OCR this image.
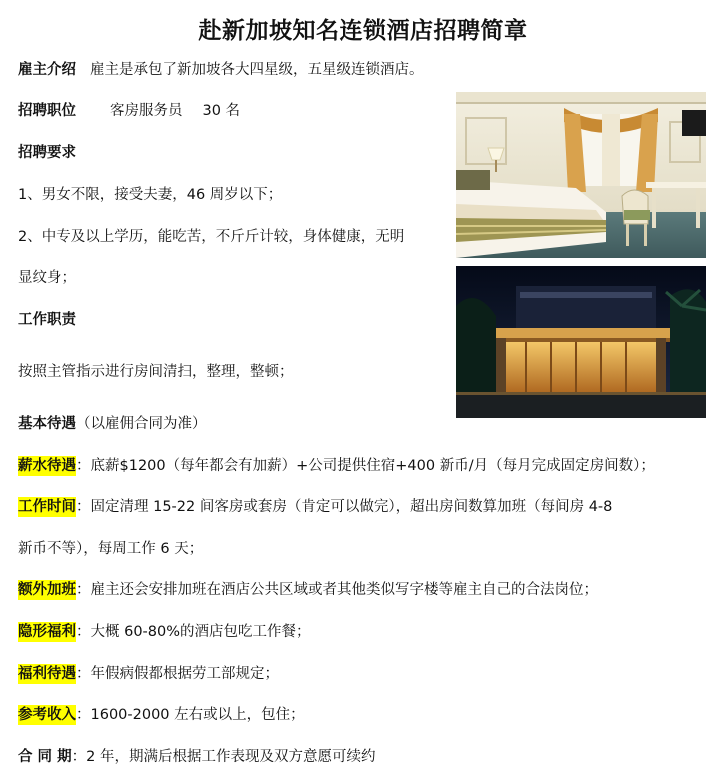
赴新加坡知名连锁酒店招聘简章
雇主介绍 雇主是承包了新加坡各大四星级，五星级连锁酒店。
招聘职位 客房服务员 30 名
招聘要求
1、男女不限，接受夫妻，46 周岁以下；
2、中专及以上学历，能吃苦，不斤斤计较，身体健康，无明
显纹身；
工作职责
按照主管指示进行房间清扫，整理，整顿；
基本待遇（以雇佣合同为准）
薪水待遇：底薪$1200（每年都会有加薪）+公司提供住宿+400 新币/月（每月完成固定房间数）；
工作时间：固定清理 15-22 间客房或套房（肯定可以做完），超出房间数算加班（每间房 4-8
新币不等），每周工作 6 天；
额外加班：雇主还会安排加班在酒店公共区域或者其他类似写字楼等雇主自己的合法岗位；
隐形福利：大概 60-80%的酒店包吃工作餐；
福利待遇：年假病假都根据劳工部规定；
参考收入：1600-2000 左右或以上，包住；
合 同 期：2 年，期满后根据工作表现及双方意愿可续约
